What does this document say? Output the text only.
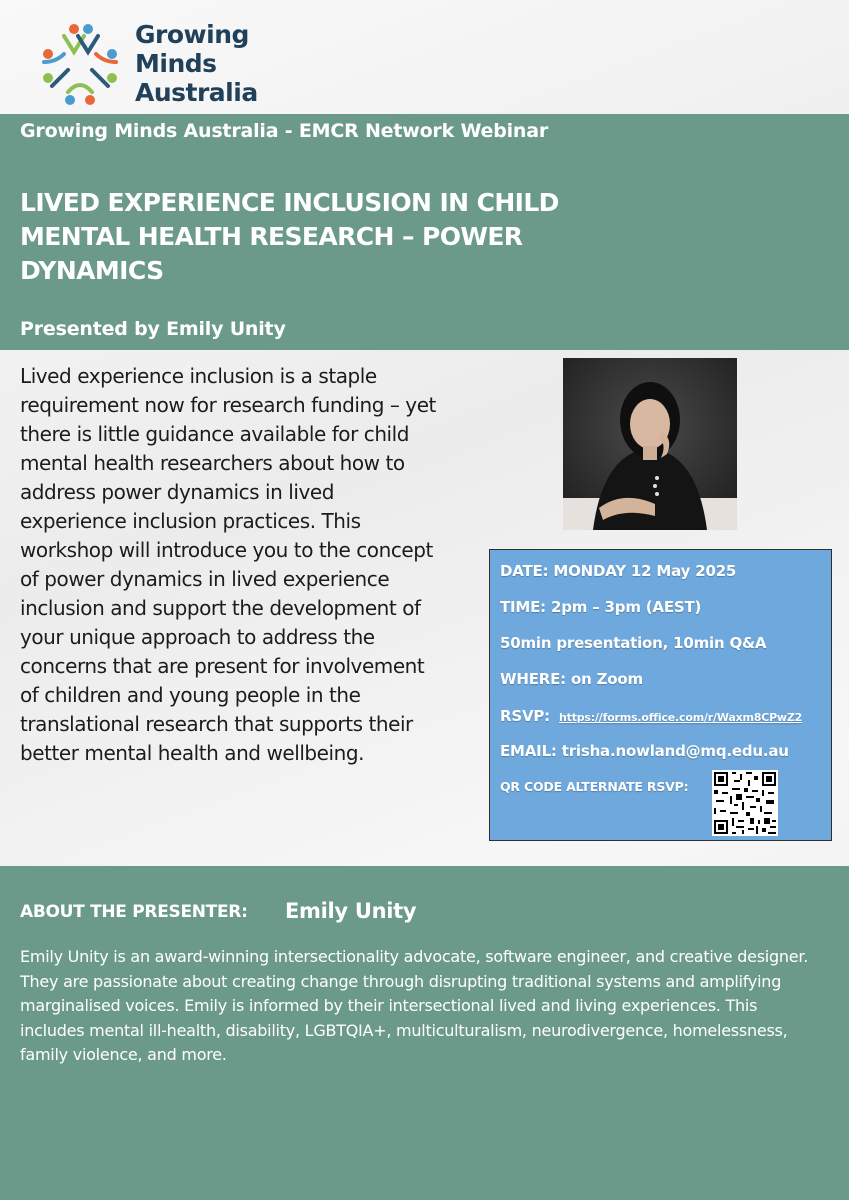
Growing
Minds
Australia
Growing Minds Australia - EMCR Network Webinar
LIVED EXPERIENCE INCLUSION IN CHILD MENTAL HEALTH RESEARCH – POWER DYNAMICS
Presented by Emily Unity

Lived experience inclusion is a staple requirement now for research funding – yet there is little guidance available for child mental health researchers about how to address power dynamics in lived experience inclusion practices. This workshop will introduce you to the concept of power dynamics in lived experience inclusion and support the development of your unique approach to address the concerns that are present for involvement of children and young people in the translational research that supports their better mental health and wellbeing.

DATE: MONDAY 12 May 2025
TIME: 2pm – 3pm (AEST)
50min presentation, 10min Q&A
WHERE: on Zoom
RSVP: https://forms.office.com/r/Waxm8CPwZ2
EMAIL: trisha.nowland@mq.edu.au
QR CODE ALTERNATE RSVP:
ABOUT THE PRESENTER: Emily Unity

Emily Unity is an award-winning intersectionality advocate, software engineer, and creative designer. They are passionate about creating change through disrupting traditional systems and amplifying marginalised voices. Emily is informed by their intersectional lived and living experiences. This includes mental ill-health, disability, LGBTQIA+, multiculturalism, neurodivergence, homelessness, family violence, and more.
